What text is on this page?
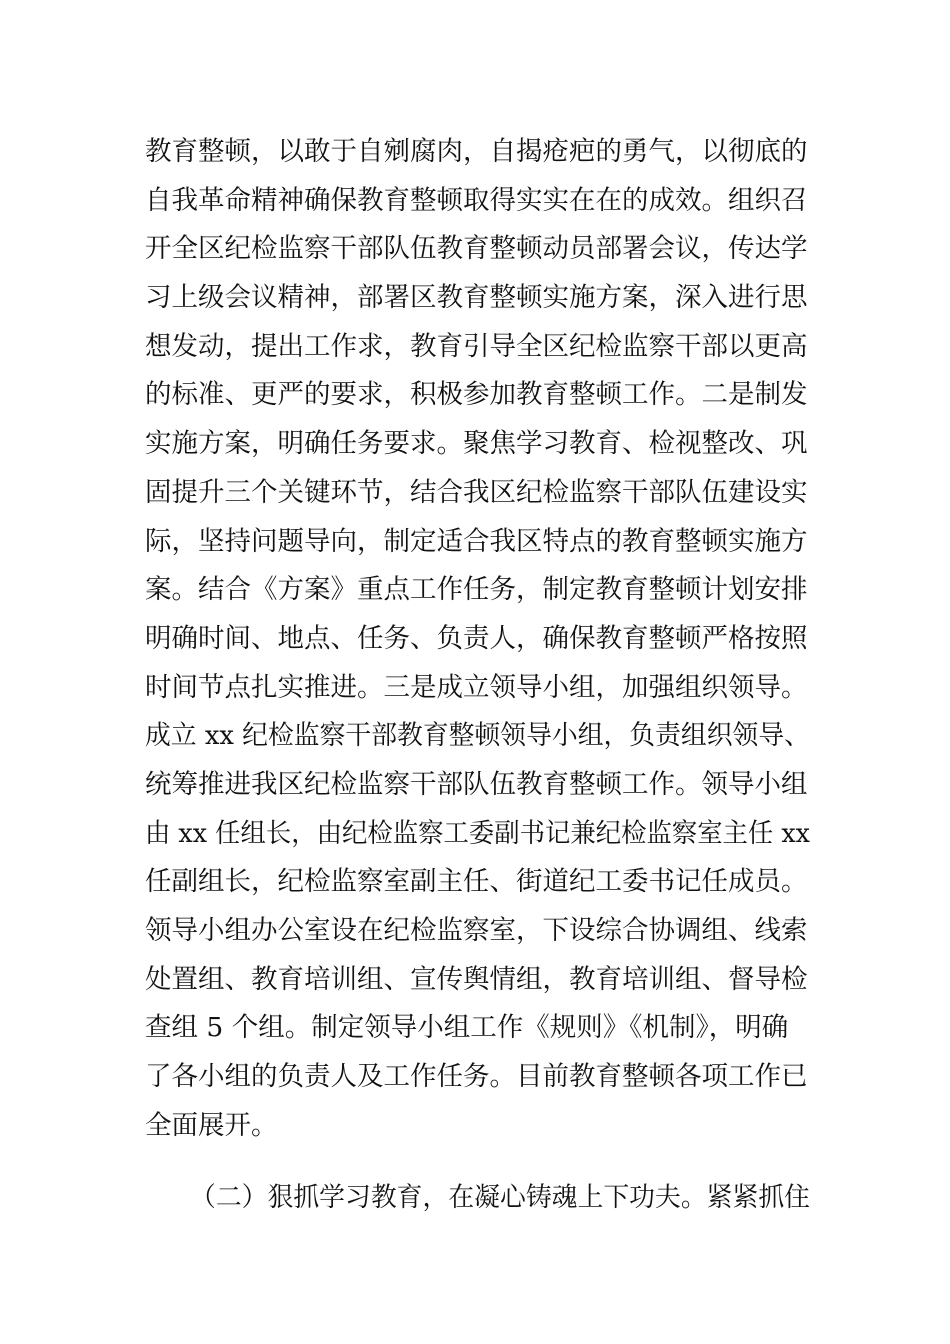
教育整顿，以敢于自剜腐肉，自揭疮疤的勇气，以彻底的
自我革命精神确保教育整顿取得实实在在的成效。组织召
开全区纪检监察干部队伍教育整顿动员部署会议，传达学
习上级会议精神，部署区教育整顿实施方案，深入进行思
想发动，提出工作求，教育引导全区纪检监察干部以更高
的标准、更严的要求，积极参加教育整顿工作。二是制发
实施方案，明确任务要求。聚焦学习教育、检视整改、巩
固提升三个关键环节，结合我区纪检监察干部队伍建设实
际，坚持问题导向，制定适合我区特点的教育整顿实施方
案。结合《方案》重点工作任务，制定教育整顿计划安排
明确时间、地点、任务、负责人，确保教育整顿严格按照
时间节点扎实推进。三是成立领导小组，加强组织领导。
成立 xx 纪检监察干部教育整顿领导小组，负责组织领导、
统筹推进我区纪检监察干部队伍教育整顿工作。领导小组
由 xx 任组长，由纪检监察工委副书记兼纪检监察室主任 xx
任副组长，纪检监察室副主任、街道纪工委书记任成员。
领导小组办公室设在纪检监察室，下设综合协调组、线索
处置组、教育培训组、宣传舆情组，教育培训组、督导检
查组 5 个组。制定领导小组工作《规则》《机制》，明确
了各小组的负责人及工作任务。目前教育整顿各项工作已
全面展开。
（二）狠抓学习教育，在凝心铸魂上下功夫。紧紧抓住
